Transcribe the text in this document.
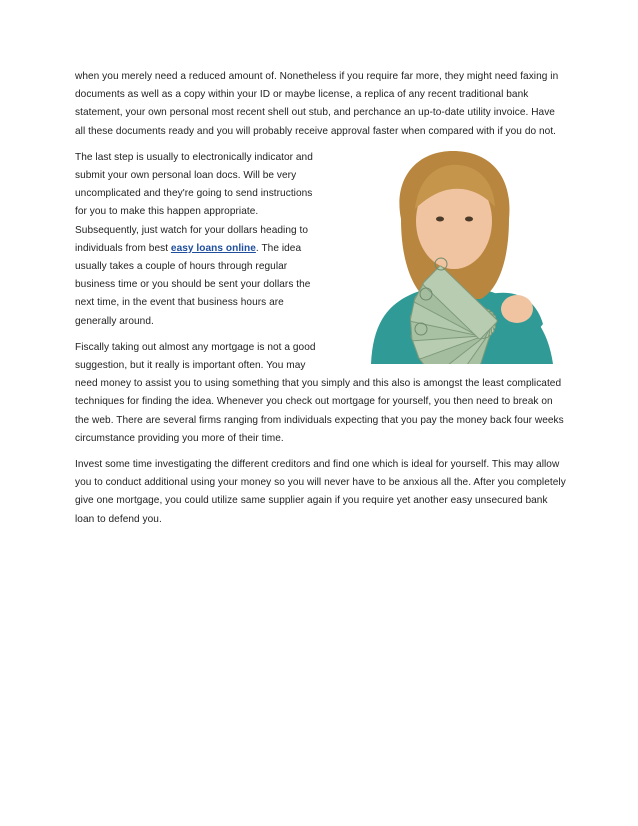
when you merely need a reduced amount of. Nonetheless if you require far more, they might need faxing in documents as well as a copy within your ID or maybe license, a replica of any recent traditional bank statement, your own personal most recent shell out stub, and perchance an up-to-date utility invoice. Have all these documents ready and you will probably receive approval faster when compared with if you do not.

The last step is usually to electronically indicator and submit your own personal loan docs. Will be very uncomplicated and they're going to send instructions for you to make this happen appropriate. Subsequently, just watch for your dollars heading to individuals from best easy loans online. The idea usually takes a couple of hours through regular business time or you should be sent your dollars the next time, in the event that business hours are generally around.

Fiscally taking out almost any mortgage is not a good suggestion, but it really is important often. You may need money to assist you to using something that you simply and this also is amongst the least complicated techniques for finding the idea. Whenever you check out mortgage for yourself, you then need to break on the web. There are several firms ranging from individuals expecting that you pay the money back four weeks circumstance providing you more of their time.

Invest some time investigating the different creditors and find one which is ideal for yourself. This may allow you to conduct additional using your money so you will never have to be anxious all the. After you completely give one mortgage, you could utilize same supplier again if you require yet another easy unsecured bank loan to defend you.
